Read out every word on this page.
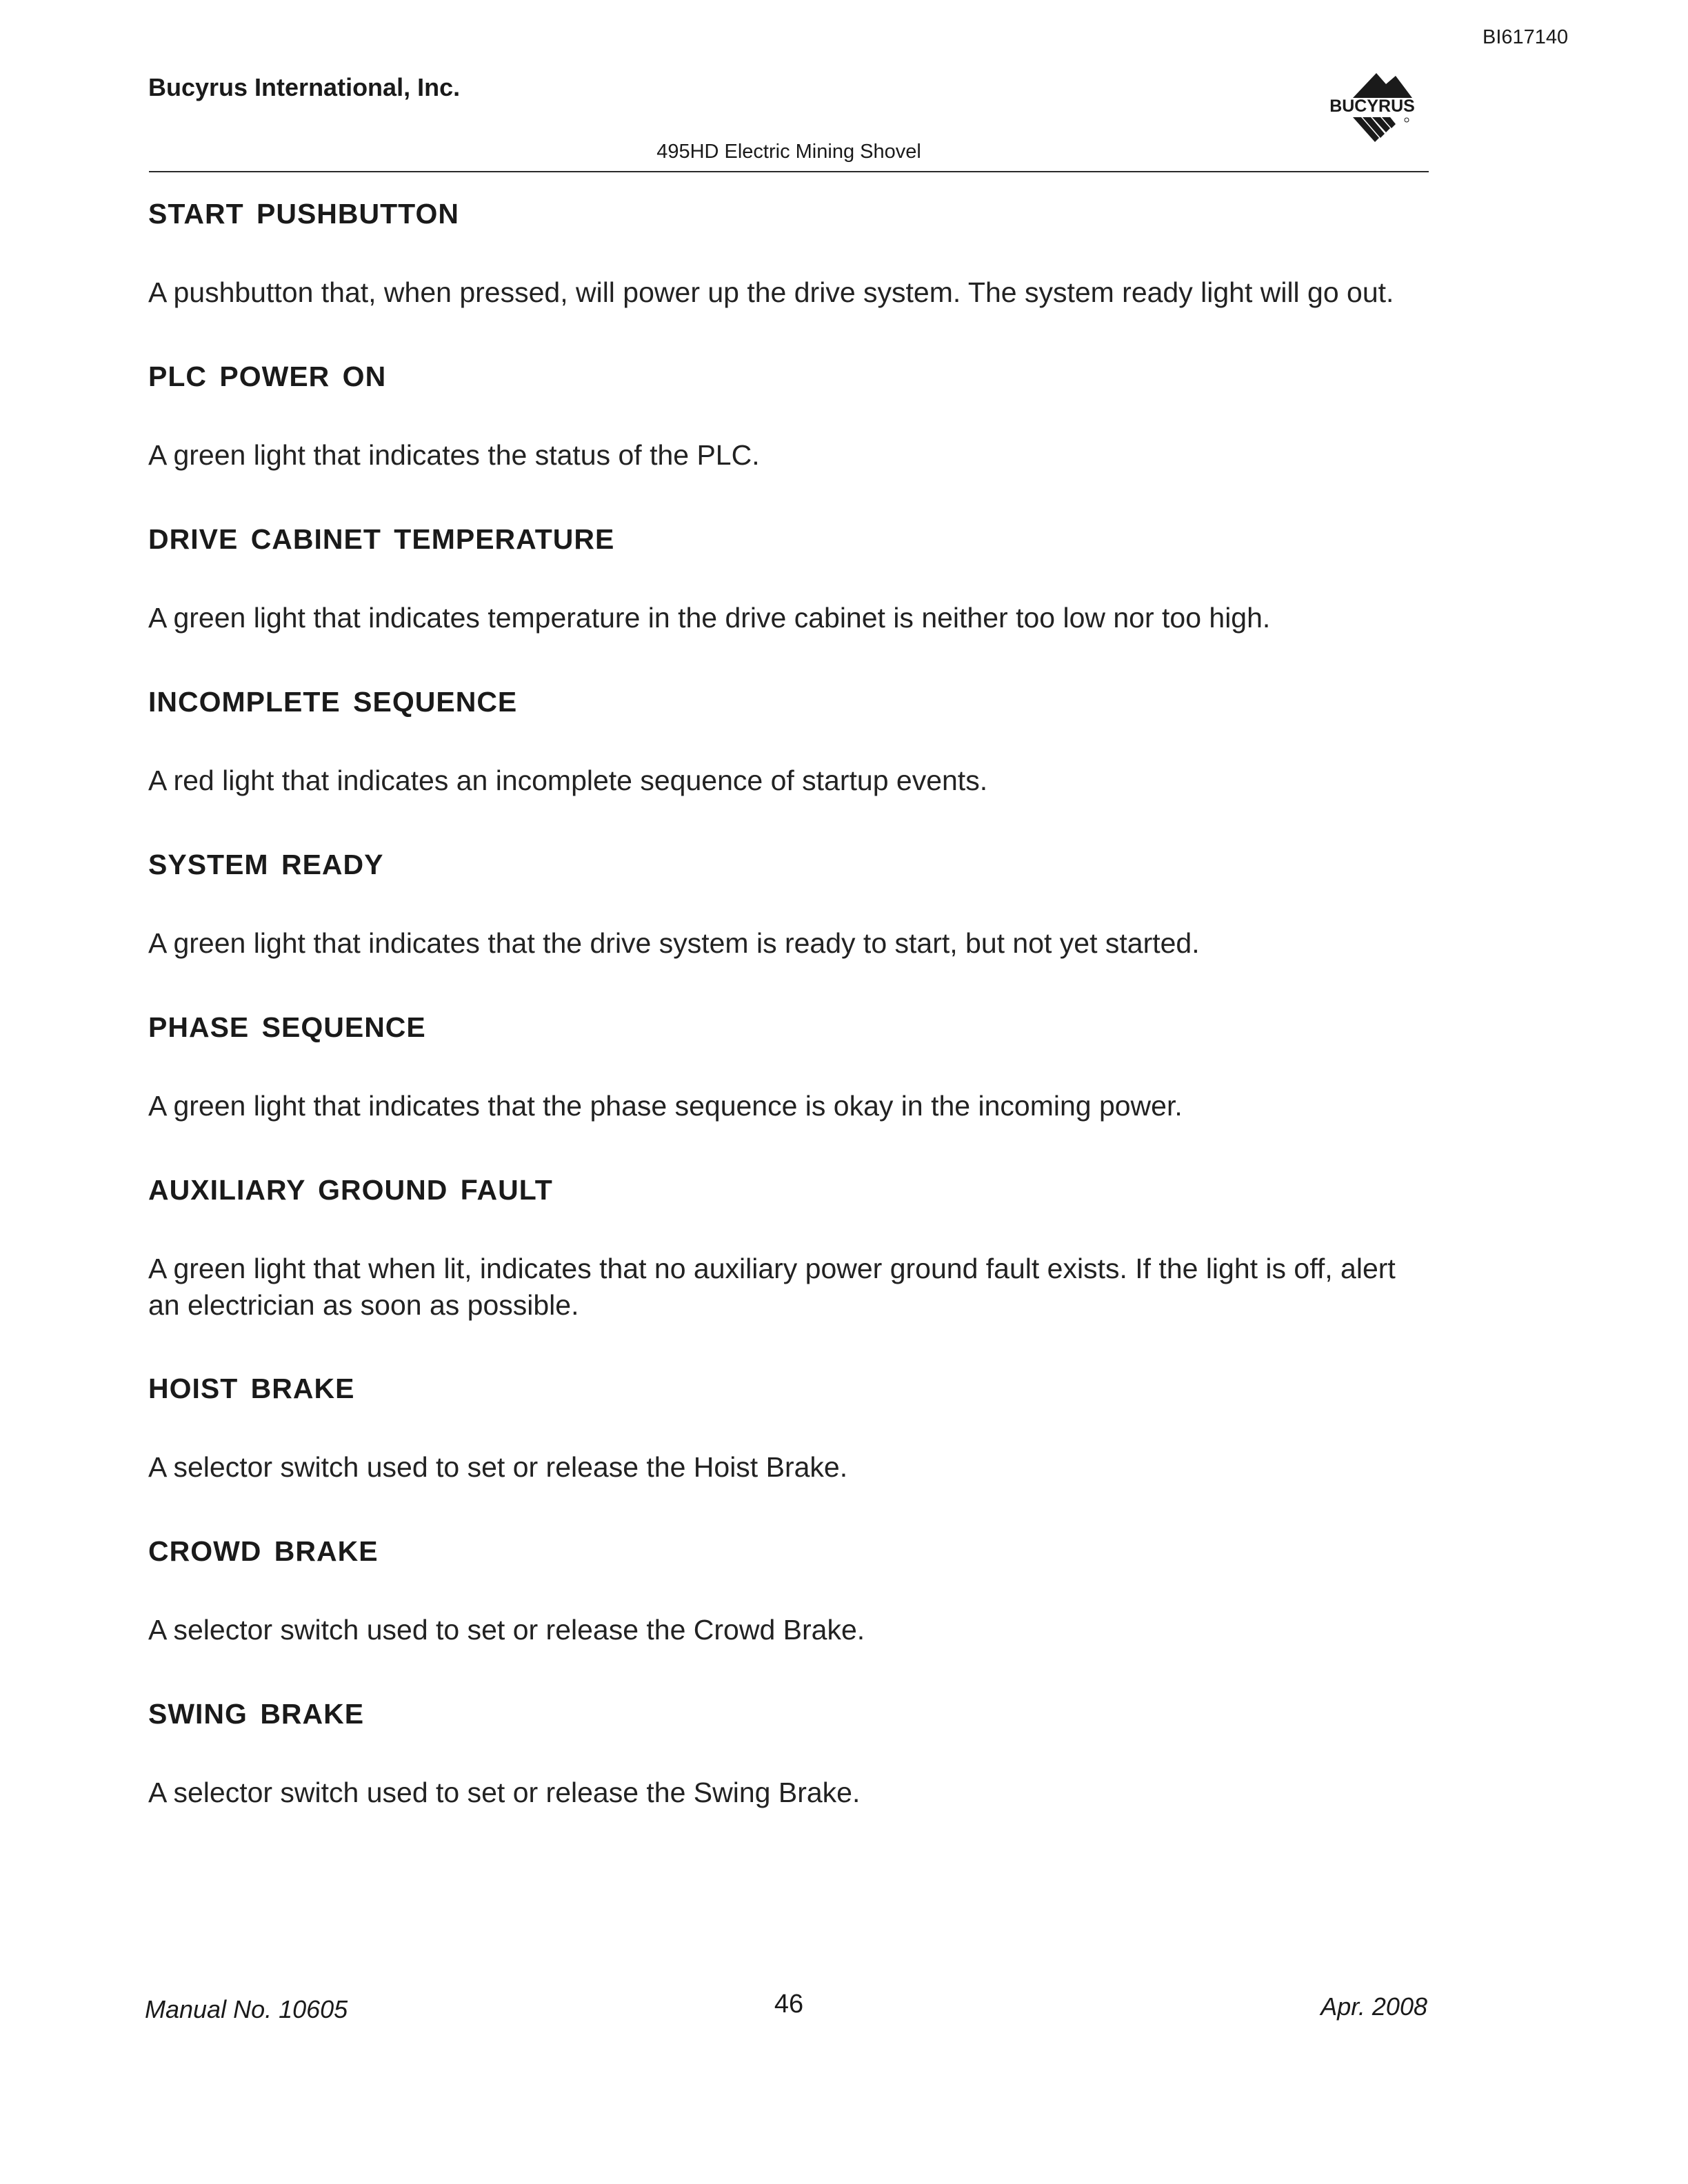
BI617140
Bucyrus International, Inc.
BUCYRUS
495HD Electric Mining Shovel
START PUSHBUTTON

A pushbutton that, when pressed, will power up the drive system. The system ready light will go out.

PLC POWER ON

A green light that indicates the status of the PLC.

DRIVE CABINET TEMPERATURE

A green light that indicates temperature in the drive cabinet is neither too low nor too high.

INCOMPLETE SEQUENCE

A red light that indicates an incomplete sequence of startup events.

SYSTEM READY

A green light that indicates that the drive system is ready to start, but not yet started.

PHASE SEQUENCE

A green light that indicates that the phase sequence is okay in the incoming power.

AUXILIARY GROUND FAULT

A green light that when lit, indicates that no auxiliary power ground fault exists. If the light is off, alert an electrician as soon as possible.

HOIST BRAKE

A selector switch used to set or release the Hoist Brake.

CROWD BRAKE

A selector switch used to set or release the Crowd Brake.

SWING BRAKE

A selector switch used to set or release the Swing Brake.

Manual No. 10605	46	Apr. 2008
